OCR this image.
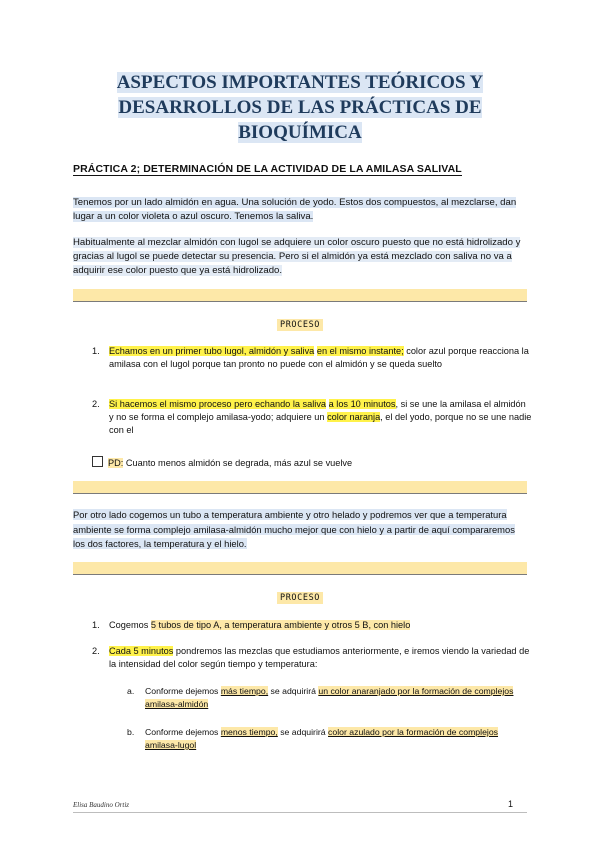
ASPECTOS IMPORTANTES TEÓRICOS Y
DESARROLLOS DE LAS PRÁCTICAS DE
BIOQUÍMICA
PRÁCTICA 2; DETERMINACIÓN DE LA ACTIVIDAD DE LA AMILASA SALIVAL
Tenemos por un lado almidón en agua. Una solución de yodo. Estos dos compuestos, al mezclarse, dan lugar a un color violeta o azul oscuro. Tenemos la saliva.
Habitualmente al mezclar almidón con lugol se adquiere un color oscuro puesto que no está hidrolizado y gracias al lugol se puede detectar su presencia. Pero si el almidón ya está mezclado con saliva no va a adquirir ese color puesto que ya está hidrolizado.
PROCESO
1. Echamos en un primer tubo lugol, almidón y saliva en el mismo instante; color azul porque reacciona la amilasa con el lugol porque tan pronto no puede con el almidón y se queda suelto
2. Si hacemos el mismo proceso pero echando la saliva a los 10 minutos, si se une la amilasa el almidón y no se forma el complejo amilasa-yodo; adquiere un color naranja, el del yodo, porque no se une nadie con el
PD: Cuanto menos almidón se degrada, más azul se vuelve
Por otro lado cogemos un tubo a temperatura ambiente y otro helado y podremos ver que a temperatura ambiente se forma complejo amilasa-almidón mucho mejor que con hielo y a partir de aquí compararemos los dos factores, la temperatura y el hielo.
PROCESO
1. Cogemos 5 tubos de tipo A, a temperatura ambiente y otros 5 B, con hielo
2. Cada 5 minutos pondremos las mezclas que estudiamos anteriormente, e iremos viendo la variedad de la intensidad del color según tiempo y temperatura:
a. Conforme dejemos más tiempo, se adquirirá un color anaranjado por la formación de complejos amilasa-almidón
b. Conforme dejemos menos tiempo, se adquirirá color azulado por la formación de complejos amilasa-lugol
Elisa Baudino Ortiz	1
